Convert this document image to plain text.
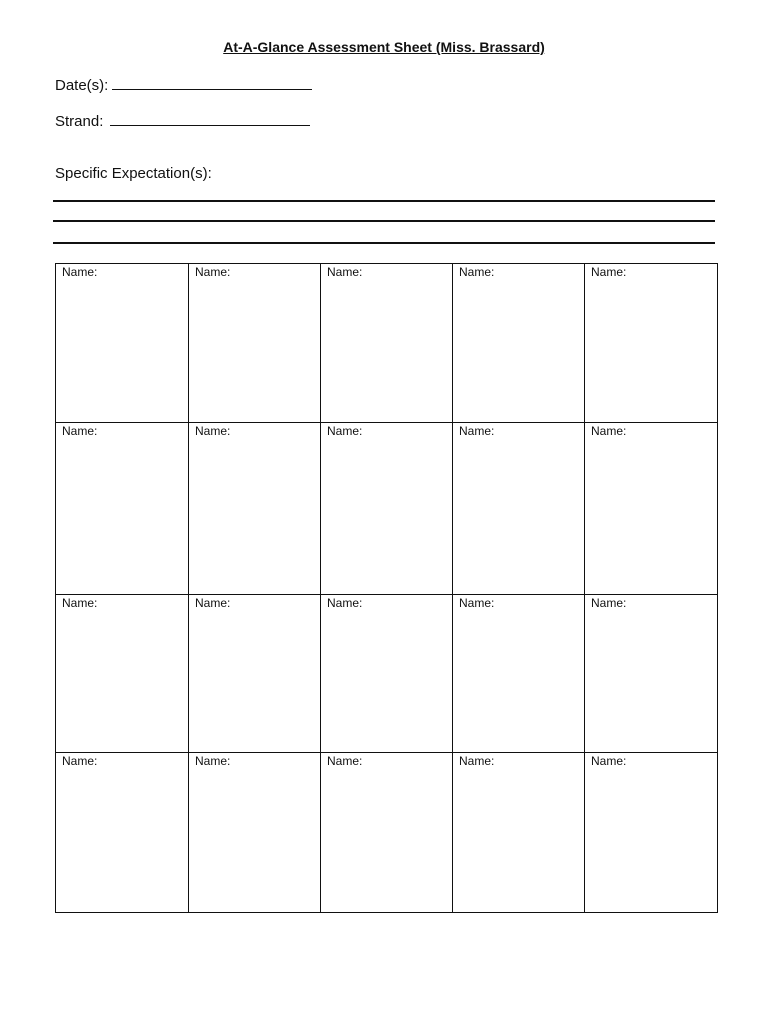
At-A-Glance Assessment Sheet (Miss. Brassard)
Date(s):
Strand:
Specific Expectation(s):
Name:	Name:	Name:	Name:	Name:

Name:	Name:	Name:	Name:	Name:

Name:	Name:	Name:	Name:	Name:

Name:	Name:	Name:	Name:	Name:
